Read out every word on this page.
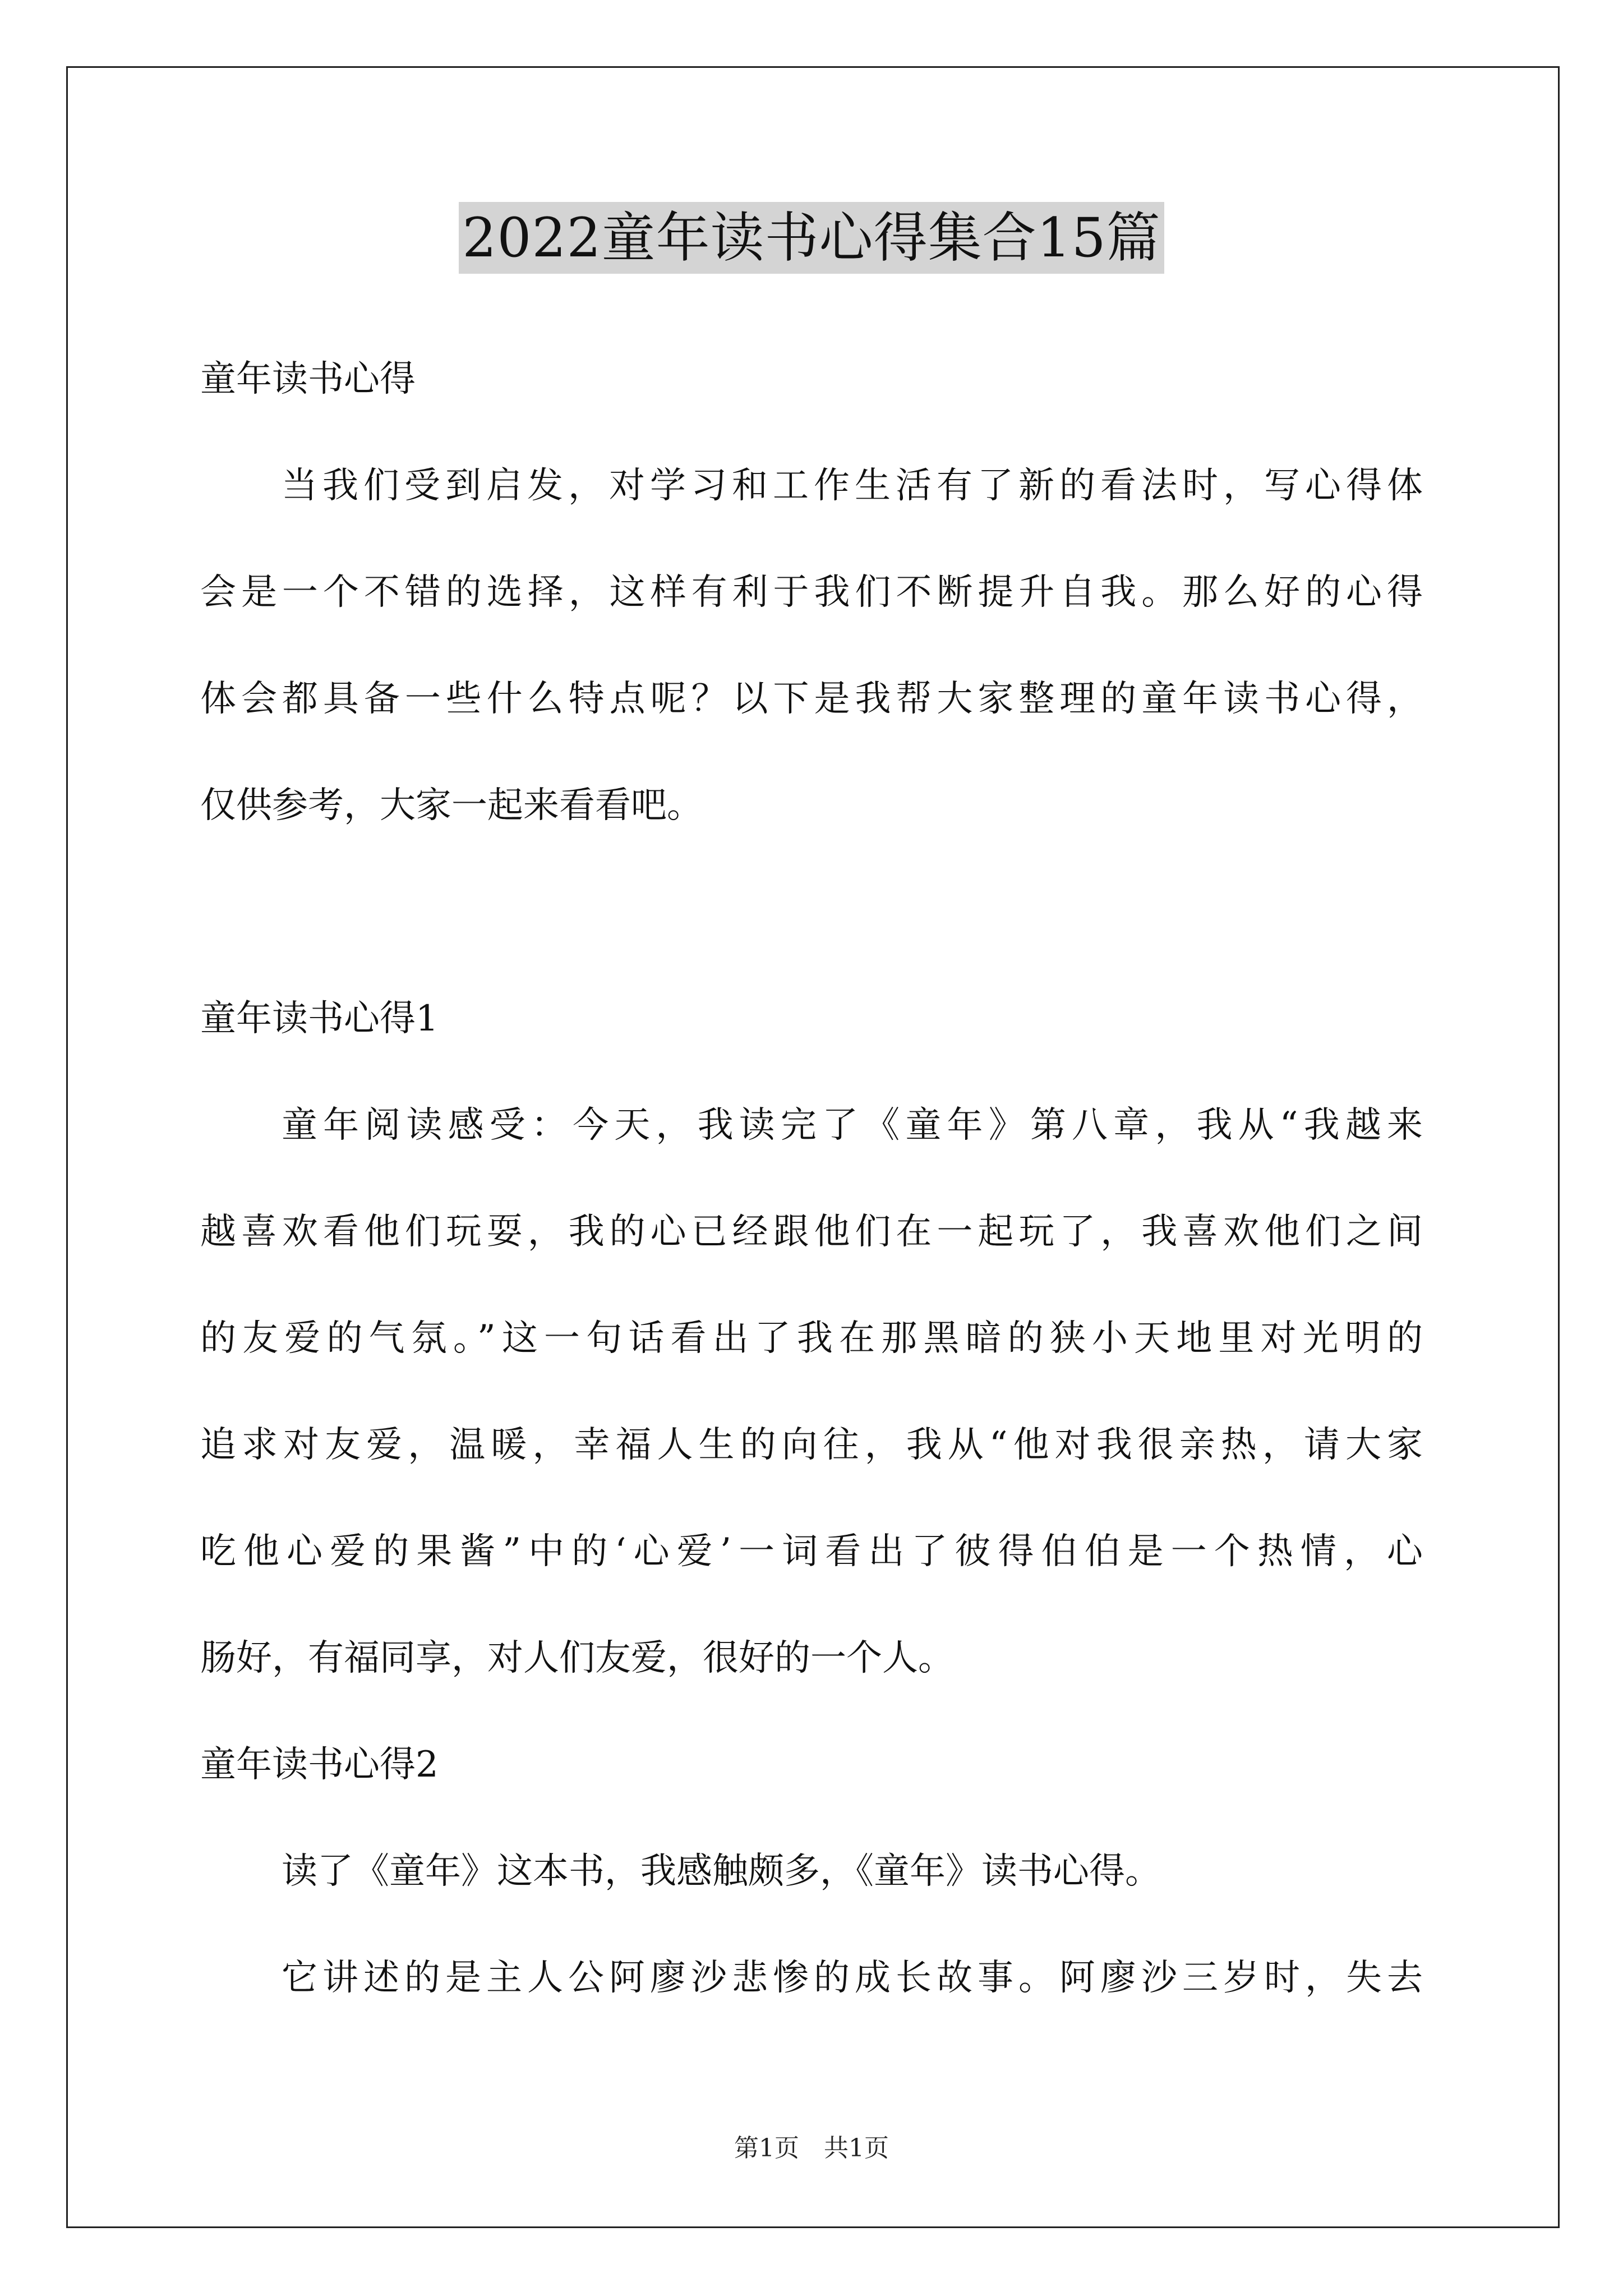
2022童年读书心得集合15篇
童年读书心得
当我们受到启发，对学习和工作生活有了新的看法时，写心得体
会是一个不错的选择，这样有利于我们不断提升自我。那么好的心得
体会都具备一些什么特点呢？以下是我帮大家整理的童年读书心得，
仅供参考，大家一起来看看吧。
童年读书心得1
童年阅读感受：今天，我读完了《童年》第八章，我从“我越来
越喜欢看他们玩耍，我的心已经跟他们在一起玩了，我喜欢他们之间
的友爱的气氛。”这一句话看出了我在那黑暗的狭小天地里对光明的
追求对友爱，温暖，幸福人生的向往，我从“他对我很亲热，请大家
吃他心爱的果酱”中的‘心爱’一词看出了彼得伯伯是一个热情，心
肠好，有福同享，对人们友爱，很好的一个人。
童年读书心得2
读了《童年》这本书，我感触颇多，《童年》读书心得。
它讲述的是主人公阿廖沙悲惨的成长故事。阿廖沙三岁时，失去
第1页　共1页
